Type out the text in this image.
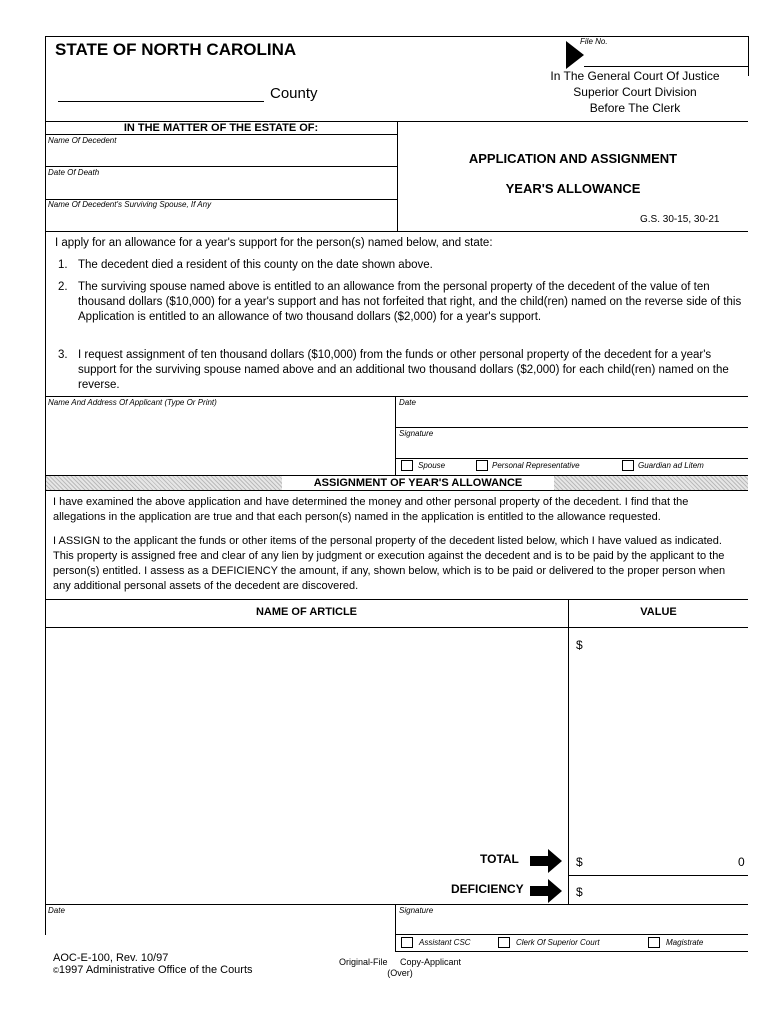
STATE OF NORTH CAROLINA
County
File No.
In The General Court Of Justice
Superior Court Division
Before The Clerk
IN THE MATTER OF THE ESTATE OF:
Name Of Decedent
Date Of Death
Name Of Decedent's Surviving Spouse, If Any
APPLICATION AND ASSIGNMENT
YEAR'S ALLOWANCE
G.S. 30-15, 30-21
I apply for an allowance for a year's support for the person(s) named below, and state:
1. The decedent died a resident of this county on the date shown above.
2. The surviving spouse named above is entitled to an allowance from the personal property of the decedent of the value of ten thousand dollars ($10,000) for a year's support and has not forfeited that right, and the child(ren) named on the reverse side of this Application is entitled to an allowance of two thousand dollars ($2,000) for a year's support.
3. I request assignment of ten thousand dollars ($10,000) from the funds or other personal property of the decedent for a year's support for the surviving spouse named above and an additional two thousand dollars ($2,000) for each child(ren) named on the reverse.
Name And Address Of Applicant (Type Or Print)	Date
Signature
Spouse	Personal Representative	Guardian ad Litem
ASSIGNMENT OF YEAR'S ALLOWANCE
I have examined the above application and have determined the money and other personal property of the decedent. I find that the allegations in the application are true and that each person(s) named in the application is entitled to the allowance requested.
I ASSIGN to the applicant the funds or other items of the personal property of the decedent listed below, which I have valued as indicated. This property is assigned free and clear of any lien by judgment or execution against the decedent and is to be paid by the applicant to the person(s) entitled. I assess as a DEFICIENCY the amount, if any, shown below, which is to be paid or delivered to the proper person when any additional personal assets of the decedent are discovered.
NAME OF ARTICLE	VALUE
$
TOTAL	$	0
DEFICIENCY	$
Date	Signature
Assistant CSC	Clerk Of Superior Court	Magistrate
AOC-E-100, Rev. 10/97
©1997 Administrative Office of the Courts
Original-File     Copy-Applicant
(Over)
